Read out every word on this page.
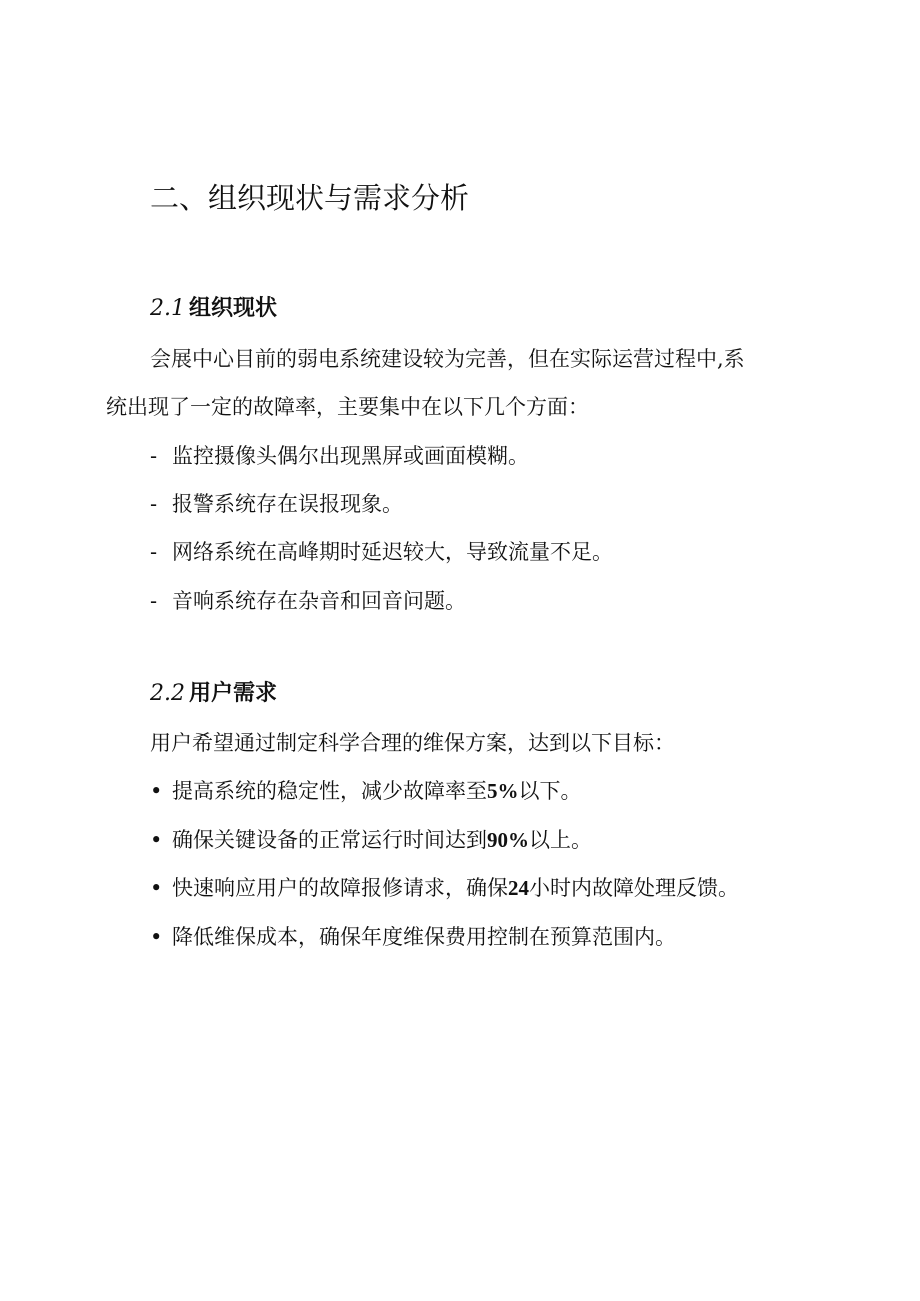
二、组织现状与需求分析
2.1 组织现状

会展中心目前的弱电系统建设较为完善，但在实际运营过程中,系

统出现了一定的故障率，主要集中在以下几个方面：

- 监控摄像头偶尔出现黑屏或画面模糊。

- 报警系统存在误报现象。

- 网络系统在高峰期时延迟较大，导致流量不足。

- 音响系统存在杂音和回音问题。

2.2 用户需求

用户希望通过制定科学合理的维保方案，达到以下目标：

• 提高系统的稳定性，减少故障率至5%以下。

• 确保关键设备的正常运行时间达到90%以上。

• 快速响应用户的故障报修请求，确保24小时内故障处理反馈。

• 降低维保成本，确保年度维保费用控制在预算范围内。
